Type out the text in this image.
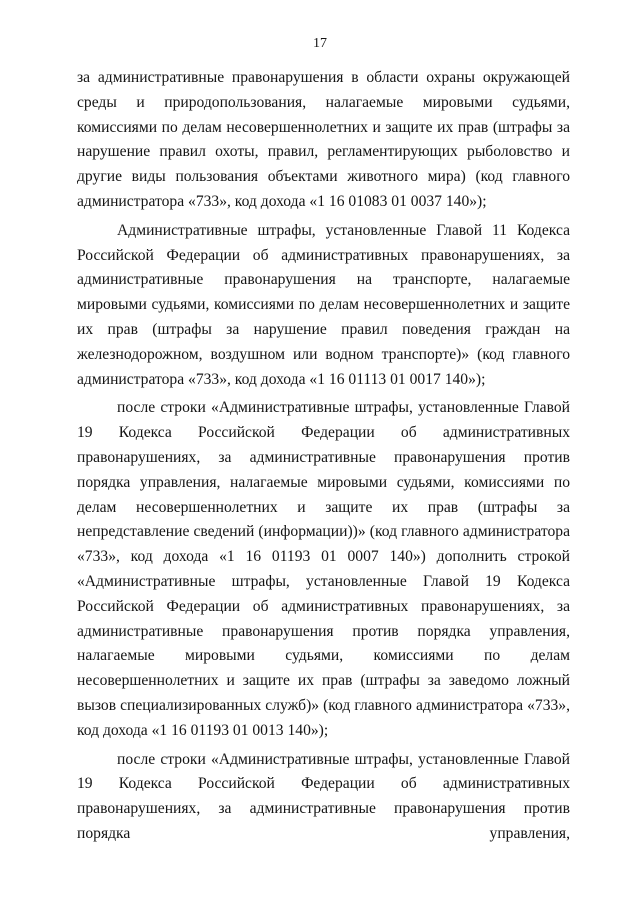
17

за административные правонарушения в области охраны окружающей среды и природопользования, налагаемые мировыми судьями, комиссиями по делам несовершеннолетних и защите их прав (штрафы за нарушение правил охоты, правил, регламентирующих рыболовство и другие виды пользования объектами животного мира) (код главного администратора «733», код дохода «1 16 01083 01 0037 140»);

Административные штрафы, установленные Главой 11 Кодекса Российской Федерации об административных правонарушениях, за административные правонарушения на транспорте, налагаемые мировыми судьями, комиссиями по делам несовершеннолетних и защите их прав (штрафы за нарушение правил поведения граждан на железнодорожном, воздушном или водном транспорте)» (код главного администратора «733», код дохода «1 16 01113 01 0017 140»);

после строки «Административные штрафы, установленные Главой 19 Кодекса Российской Федерации об административных правонарушениях, за административные правонарушения против порядка управления, налагаемые мировыми судьями, комиссиями по делам несовершеннолетних и защите их прав (штрафы за непредставление сведений (информации))» (код главного администратора «733», код дохода «1 16 01193 01 0007 140») дополнить строкой «Административные штрафы, установленные Главой 19 Кодекса Российской Федерации об административных правонарушениях, за административные правонарушения против порядка управления, налагаемые мировыми судьями, комиссиями по делам несовершеннолетних и защите их прав (штрафы за заведомо ложный вызов специализированных служб)» (код главного администратора «733», код дохода «1 16 01193 01 0013 140»);

после строки «Административные штрафы, установленные Главой 19 Кодекса Российской Федерации об административных правонарушениях, за административные правонарушения против порядка управления,
